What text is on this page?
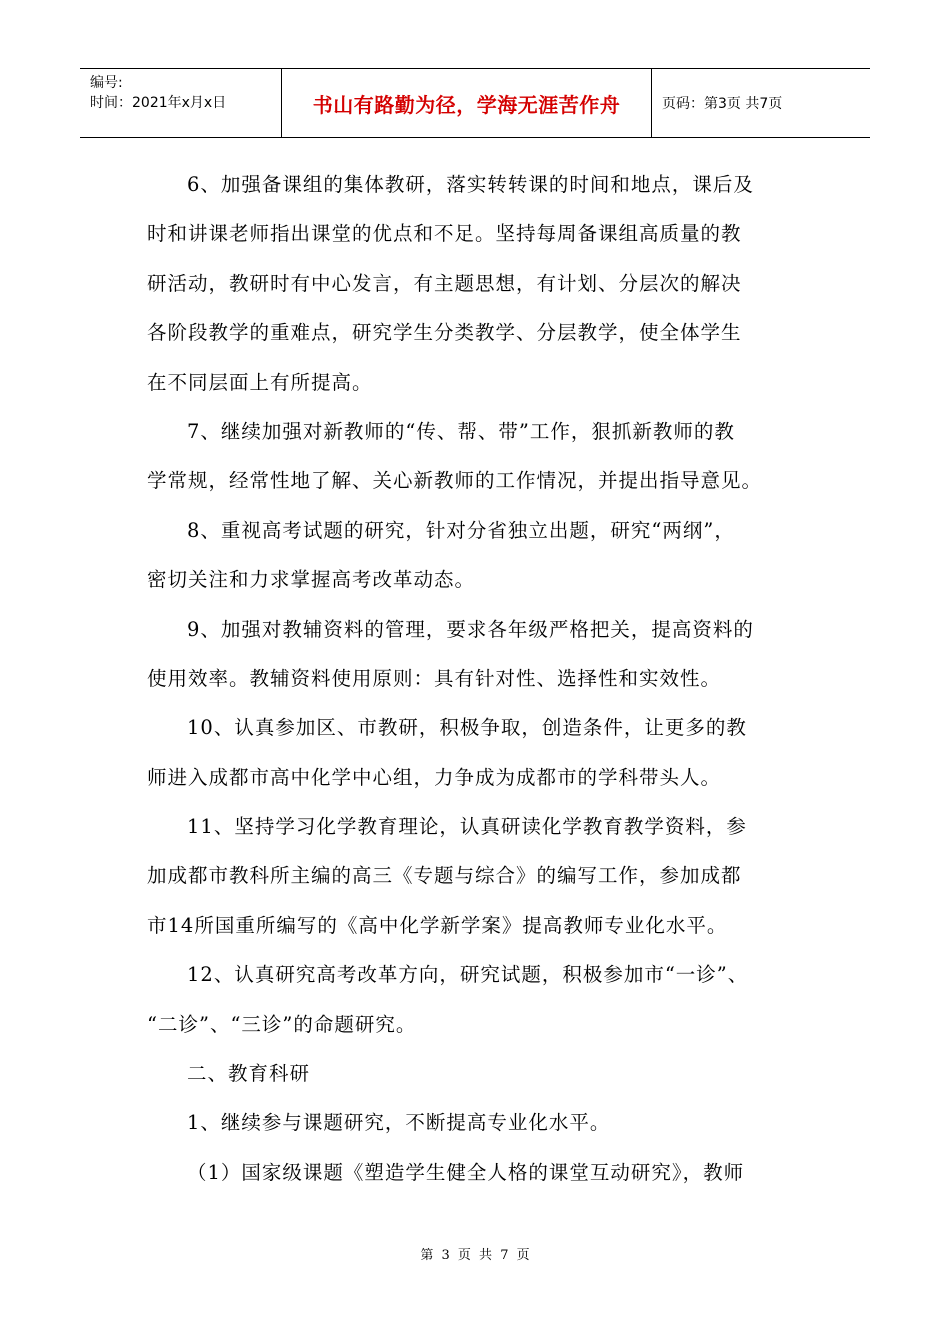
编号:
时间：2021年x月x日	书山有路勤为径，学海无涯苦作舟	页码：第3页 共7页
6、加强备课组的集体教研，落实转转课的时间和地点，课后及
时和讲课老师指出课堂的优点和不足。坚持每周备课组高质量的教
研活动，教研时有中心发言，有主题思想，有计划、分层次的解决
各阶段教学的重难点，研究学生分类教学、分层教学，使全体学生
在不同层面上有所提高。
7、继续加强对新教师的“传、帮、带”工作，狠抓新教师的教
学常规，经常性地了解、关心新教师的工作情况，并提出指导意见。
8、重视高考试题的研究，针对分省独立出题，研究“两纲”，
密切关注和力求掌握高考改革动态。
9、加强对教辅资料的管理，要求各年级严格把关，提高资料的
使用效率。教辅资料使用原则：具有针对性、选择性和实效性。
10、认真参加区、市教研，积极争取，创造条件，让更多的教
师进入成都市高中化学中心组，力争成为成都市的学科带头人。
11、坚持学习化学教育理论，认真研读化学教育教学资料，参
加成都市教科所主编的高三《专题与综合》的编写工作，参加成都
市14所国重所编写的《高中化学新学案》提高教师专业化水平。
12、认真研究高考改革方向，研究试题，积极参加市“一诊”、
“二诊”、“三诊”的命题研究。
二、教育科研
1、继续参与课题研究，不断提高专业化水平。
（1）国家级课题《塑造学生健全人格的课堂互动研究》，教师
第 3 页 共 7 页
